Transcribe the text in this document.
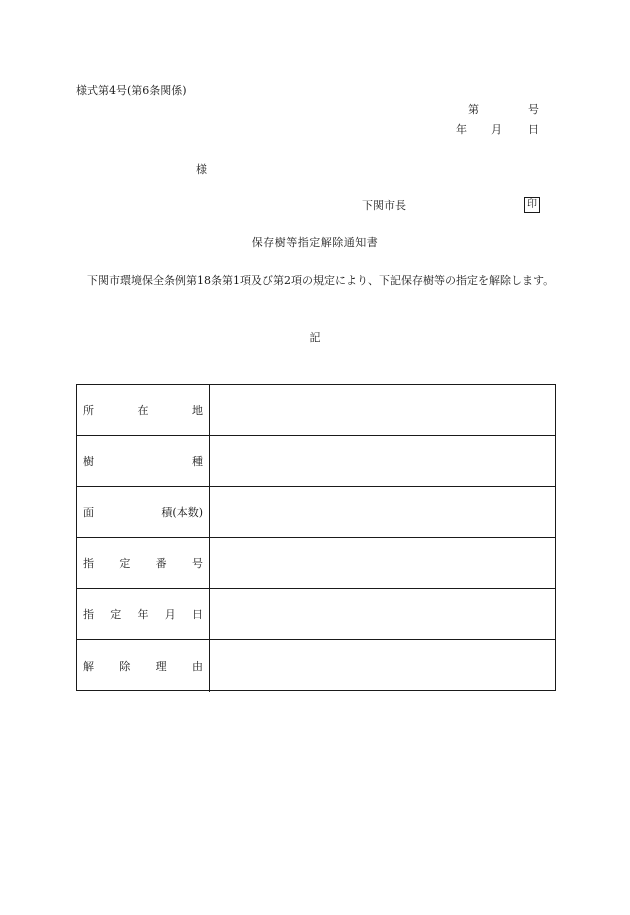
様式第4号(第6条関係)
第	号
年 月 日
様
下関市長	印
保存樹等指定解除通知書
下関市環境保全条例第18条第1項及び第2項の規定により、下記保存樹等の指定を解除します。
記
所	在	地
樹	種
面	積(本数)
指 定 番 号
指 定 年 月 日
解 除 理 由
